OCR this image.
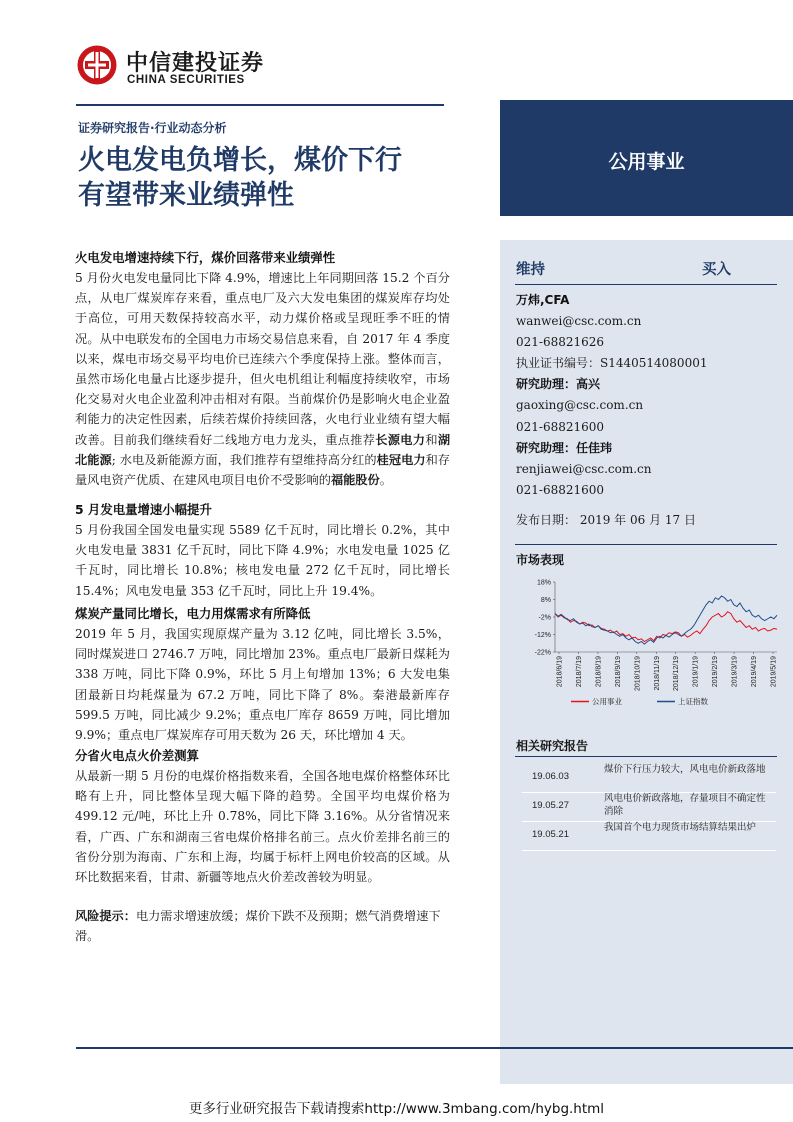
中信建投证券
CHINA SECURITIES
证券研究报告·行业动态分析
火电发电负增长，煤价下行
有望带来业绩弹性
公用事业
火电发电增速持续下行，煤价回落带来业绩弹性
5 月份火电发电量同比下降 4.9%，增速比上年同期回落 15.2 个百分点，从电厂煤炭库存来看，重点电厂及六大发电集团的煤炭库存均处于高位，可用天数保持较高水平，动力煤价格或呈现旺季不旺的情况。从中电联发布的全国电力市场交易信息来看，自 2017 年 4 季度以来，煤电市场交易平均电价已连续六个季度保持上涨。整体而言，虽然市场化电量占比逐步提升，但火电机组让利幅度持续收窄，市场化交易对火电企业盈利冲击相对有限。当前煤价仍是影响火电企业盈利能力的决定性因素，后续若煤价持续回落，火电行业业绩有望大幅改善。目前我们继续看好二线地方电力龙头，重点推荐长源电力和湖北能源; 水电及新能源方面，我们推荐有望维持高分红的桂冠电力和存量风电资产优质、在建风电项目电价不受影响的福能股份。
5 月发电量增速小幅提升
5 月份我国全国发电量实现 5589 亿千瓦时，同比增长 0.2%，其中火电发电量 3831 亿千瓦时，同比下降 4.9%；水电发电量 1025 亿千瓦时，同比增长 10.8%；核电发电量 272 亿千瓦时，同比增长 15.4%；风电发电量 353 亿千瓦时，同比上升 19.4%。
煤炭产量同比增长，电力用煤需求有所降低
2019 年 5 月，我国实现原煤产量为 3.12 亿吨，同比增长 3.5%，同时煤炭进口 2746.7 万吨，同比增加 23%。重点电厂最新日煤耗为 338 万吨，同比下降 0.9%，环比 5 月上旬增加 13%；6 大发电集团最新日均耗煤量为 67.2 万吨，同比下降了 8%。秦港最新库存 599.5 万吨，同比减少 9.2%；重点电厂库存 8659 万吨，同比增加 9.9%；重点电厂煤炭库存可用天数为 26 天，环比增加 4 天。
分省火电点火价差测算
从最新一期 5 月份的电煤价格指数来看，全国各地电煤价格整体环比略有上升，同比整体呈现大幅下降的趋势。全国平均电煤价格为 499.12 元/吨，环比上升 0.78%，同比下降 3.16%。从分省情况来看，广西、广东和湖南三省电煤价格排名前三。点火价差排名前三的省份分别为海南、广东和上海，均属于标杆上网电价较高的区域。从环比数据来看，甘肃、新疆等地点火价差改善较为明显。
风险提示：电力需求增速放缓；煤价下跌不及预期；燃气消费增速下滑。
维持	买入
万炜,CFA
wanwei@csc.com.cn
021-68821626
执业证书编号：S1440514080001
研究助理：高兴
gaoxing@csc.com.cn
021-68821600
研究助理：任佳玮
renjiawei@csc.com.cn
021-68821600
发布日期： 2019 年 06 月 17 日
市场表现
18%
8%
-2%
-12%
-22%
2018/6/19 2018/7/19 2018/8/19 2018/9/19 2018/10/19 2018/11/19 2018/12/19 2019/1/19 2019/2/19 2019/3/19 2019/4/19 2019/5/19
公用事业	上证指数
相关研究报告
19.06.03
煤价下行压力较大，风电电价新政落地
19.05.27
风电电价新政落地，存量项目不确定性消除
19.05.21
我国首个电力现货市场结算结果出炉
更多行业研究报告下载请搜索http://www.3mbang.com/hybg.html
